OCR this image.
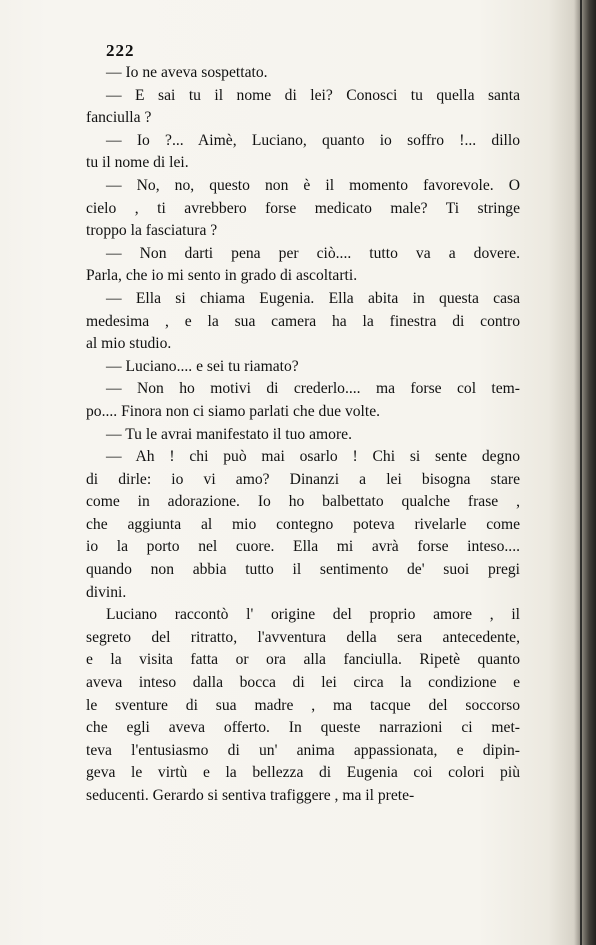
222
— Io ne aveva sospettato.
— E sai tu il nome di lei? Conosci tu quella santa
fanciulla ?
— Io ?... Aimè, Luciano, quanto io soffro !... dillo
tu il nome di lei.
— No, no, questo non è il momento favorevole. O
cielo , ti avrebbero forse medicato male? Ti stringe
troppo la fasciatura ?
— Non darti pena per ciò.... tutto va a dovere.
Parla, che io mi sento in grado di ascoltarti.
— Ella si chiama Eugenia. Ella abita in questa casa
medesima , e la sua camera ha la finestra di contro
al mio studio.
— Luciano.... e sei tu riamato?
— Non ho motivi di crederlo.... ma forse col tem-
po.... Finora non ci siamo parlati che due volte.
— Tu le avrai manifestato il tuo amore.
— Ah ! chi può mai osarlo ! Chi si sente degno
di dirle: io vi amo? Dinanzi a lei bisogna stare
come in adorazione. Io ho balbettato qualche frase ,
che aggiunta al mio contegno poteva rivelarle come
io la porto nel cuore. Ella mi avrà forse inteso....
quando non abbia tutto il sentimento de' suoi pregi
divini.
Luciano raccontò l' origine del proprio amore , il
segreto del ritratto, l'avventura della sera antecedente,
e la visita fatta or ora alla fanciulla. Ripetè quanto
aveva inteso dalla bocca di lei circa la condizione e
le sventure di sua madre , ma tacque del soccorso
che egli aveva offerto. In queste narrazioni ci met-
teva l'entusiasmo di un' anima appassionata, e dipin-
geva le virtù e la bellezza di Eugenia coi colori più
seducenti. Gerardo si sentiva trafiggere , ma il prete-
